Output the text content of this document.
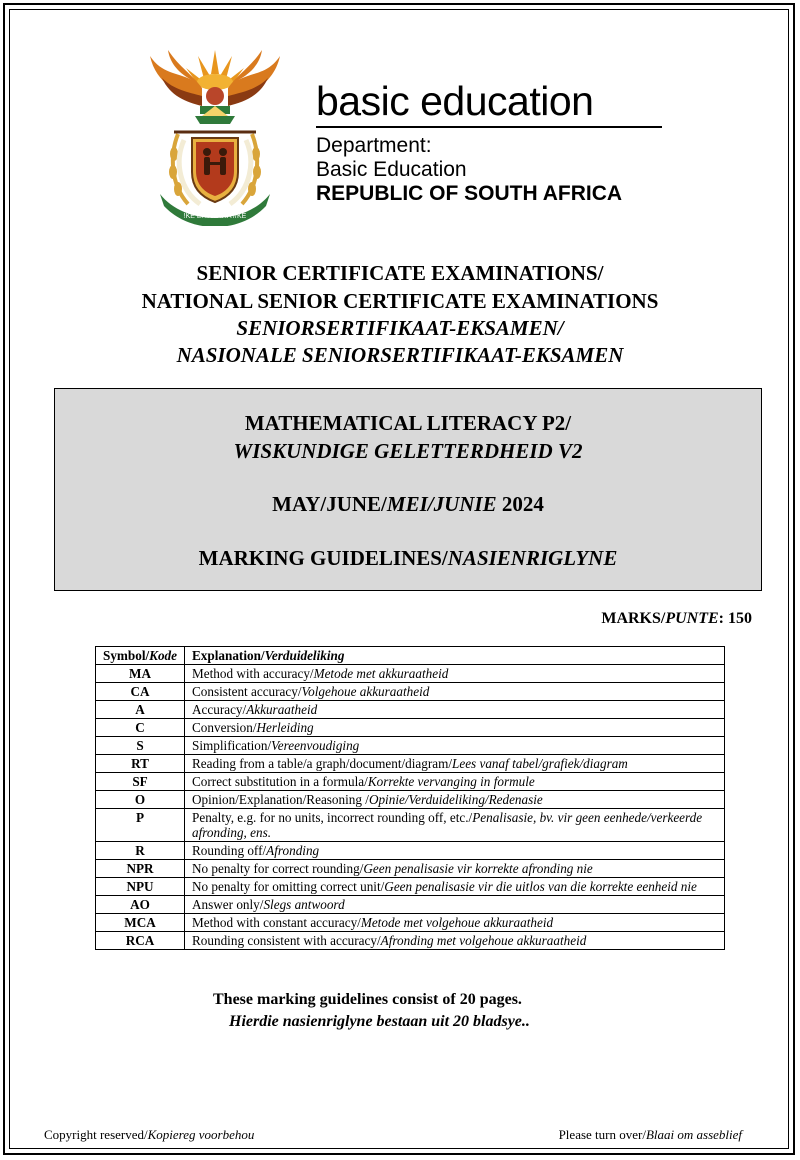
!KE E: /XARRA //KE
basic education
Department:
Basic Education
REPUBLIC OF SOUTH AFRICA
SENIOR CERTIFICATE EXAMINATIONS/
NATIONAL SENIOR CERTIFICATE EXAMINATIONS
SENIORSERTIFIKAAT-EKSAMEN/
NASIONALE SENIORSERTIFIKAAT-EKSAMEN
MATHEMATICAL LITERACY P2/
WISKUNDIGE GELETTERDHEID V2
MAY/JUNE/MEI/JUNIE 2024
MARKING GUIDELINES/NASIENRIGLYNE
MARKS/PUNTE: 150
Symbol/Kode	Explanation/Verduideliking
MA	Method with accuracy/Metode met akkuraatheid
CA	Consistent accuracy/Volgehoue akkuraatheid
A	Accuracy/Akkuraatheid
C	Conversion/Herleiding
S	Simplification/Vereenvoudiging
RT	Reading from a table/a graph/document/diagram/Lees vanaf tabel/grafiek/diagram
SF	Correct substitution in a formula/Korrekte vervanging in formule
O	Opinion/Explanation/Reasoning /Opinie/Verduideliking/Redenasie
P	Penalty, e.g. for no units, incorrect rounding off, etc./Penalisasie, bv. vir geen eenhede/verkeerde afronding, ens.
R	Rounding off/Afronding
NPR	No penalty for correct rounding/Geen penalisasie vir korrekte afronding nie
NPU	No penalty for omitting correct unit/Geen penalisasie vir die uitlos van die korrekte eenheid nie
AO	Answer only/Slegs antwoord
MCA	Method with constant accuracy/Metode met volgehoue akkuraatheid
RCA	Rounding consistent with accuracy/Afronding met volgehoue akkuraatheid
These marking guidelines consist of 20 pages.
Hierdie nasienriglyne bestaan uit 20 bladsye..
Copyright reserved/Kopiereg voorbehou	Please turn over/Blaai om asseblief
